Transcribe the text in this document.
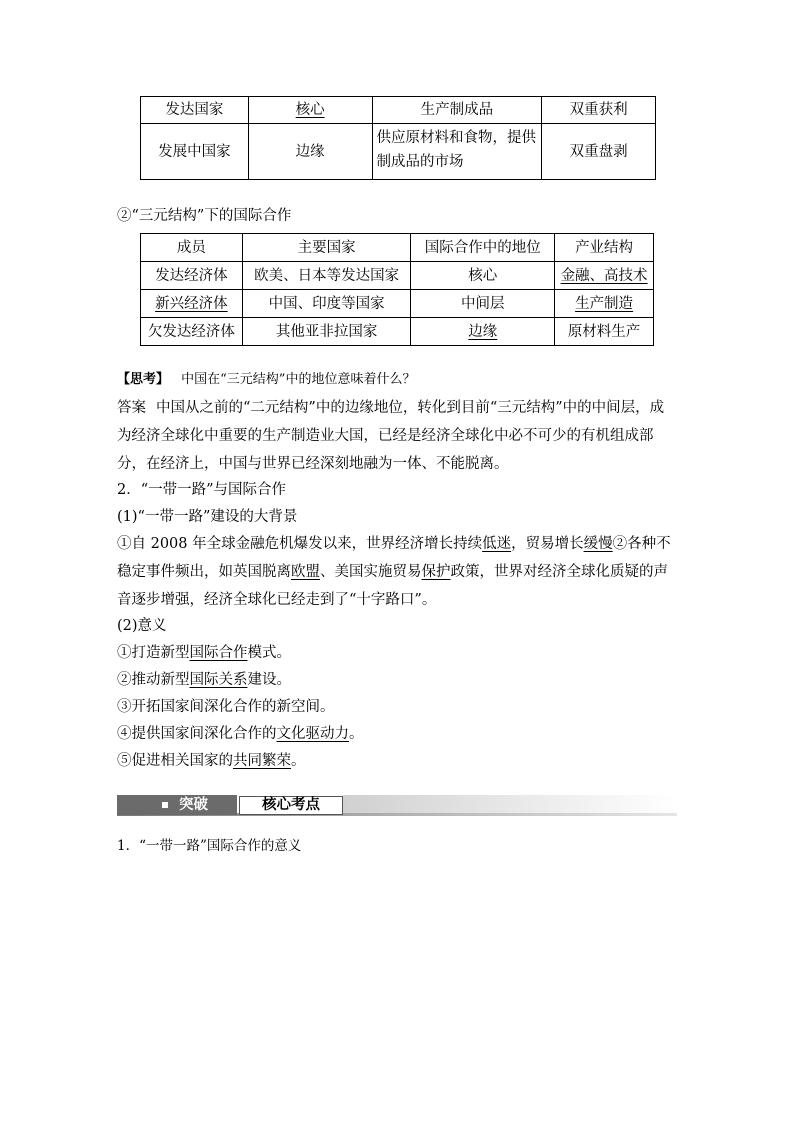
发达国家	核心	生产制成品	双重获利
发展中国家	边缘	供应原材料和食物，提供制成品的市场	双重盘剥
②“三元结构”下的国际合作
成员	主要国家	国际合作中的地位	产业结构
发达经济体	欧美、日本等发达国家	核心	金融、高技术
新兴经济体	中国、印度等国家	中间层	生产制造
欠发达经济体	其他亚非拉国家	边缘	原材料生产
【思考】 中国在“三元结构”中的地位意味着什么？
答案 中国从之前的“二元结构”中的边缘地位，转化到目前“三元结构”中的中间层，成为经济全球化中重要的生产制造业大国，已经是经济全球化中必不可少的有机组成部分，在经济上，中国与世界已经深刻地融为一体、不能脱离。
2．“一带一路”与国际合作
(1)“一带一路”建设的大背景
①自 2008 年全球金融危机爆发以来，世界经济增长持续低迷，贸易增长缓慢②各种不稳定事件频出，如英国脱离欧盟、美国实施贸易保护政策，世界对经济全球化质疑的声音逐步增强，经济全球化已经走到了“十字路口”。
(2)意义
①打造新型国际合作模式。
②推动新型国际关系建设。
③开拓国家间深化合作的新空间。
④提供国家间深化合作的文化驱动力。
⑤促进相关国家的共同繁荣。
突破	核心考点
1．“一带一路”国际合作的意义
